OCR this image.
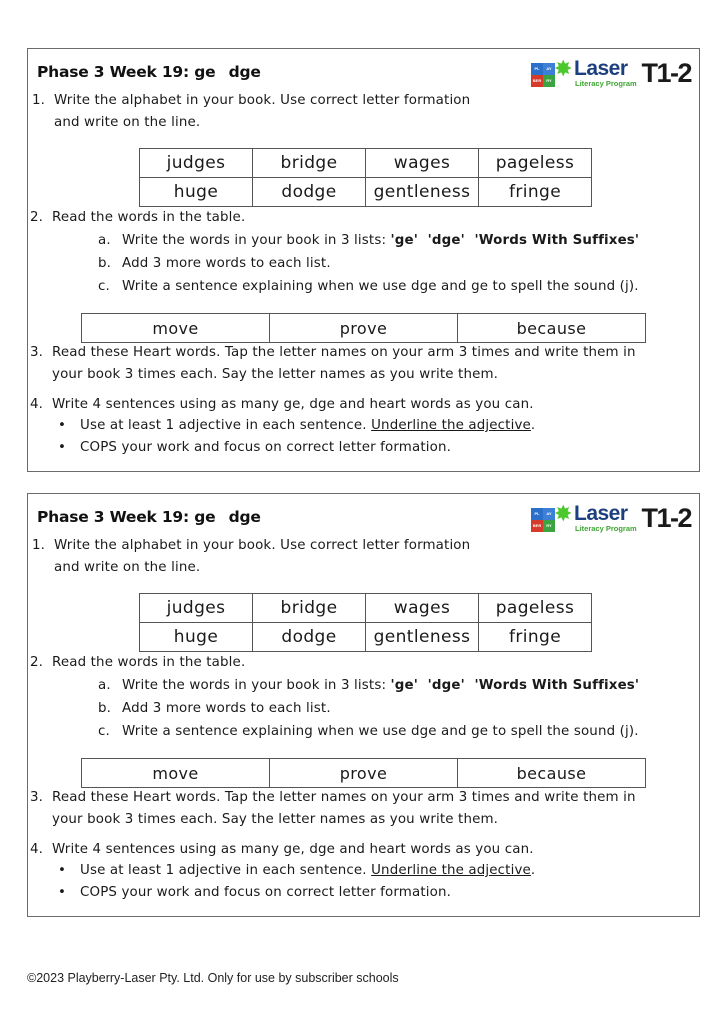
Phase 3 Week 19: ge dge	PL	AY
BER	RY ✸ Laser
Literacy Program T1-2
1. Write the alphabet in your book. Use correct letter formation
and write on the line.
judges	bridge	wages	pageless
huge	dodge	gentleness	fringe
2. Read the words in the table.
a. Write the words in your book in 3 lists: 'ge'  'dge'  'Words With Suffixes'
b. Add 3 more words to each list.
c. Write a sentence explaining when we use dge and ge to spell the sound (j).
move	prove	because
3. Read these Heart words. Tap the letter names on your arm 3 times and write them in
your book 3 times each. Say the letter names as you write them.
4. Write 4 sentences using as many ge, dge and heart words as you can.
• Use at least 1 adjective in each sentence. Underline the adjective.
• COPS your work and focus on correct letter formation.
Phase 3 Week 19: ge dge	PL	AY
BER	RY ✸ Laser
Literacy Program T1-2
1. Write the alphabet in your book. Use correct letter formation
and write on the line.
judges	bridge	wages	pageless
huge	dodge	gentleness	fringe
2. Read the words in the table.
a. Write the words in your book in 3 lists: 'ge'  'dge'  'Words With Suffixes'
b. Add 3 more words to each list.
c. Write a sentence explaining when we use dge and ge to spell the sound (j).
move	prove	because
3. Read these Heart words. Tap the letter names on your arm 3 times and write them in
your book 3 times each. Say the letter names as you write them.
4. Write 4 sentences using as many ge, dge and heart words as you can.
• Use at least 1 adjective in each sentence. Underline the adjective.
• COPS your work and focus on correct letter formation.
©2023 Playberry-Laser Pty. Ltd. Only for use by subscriber schools
